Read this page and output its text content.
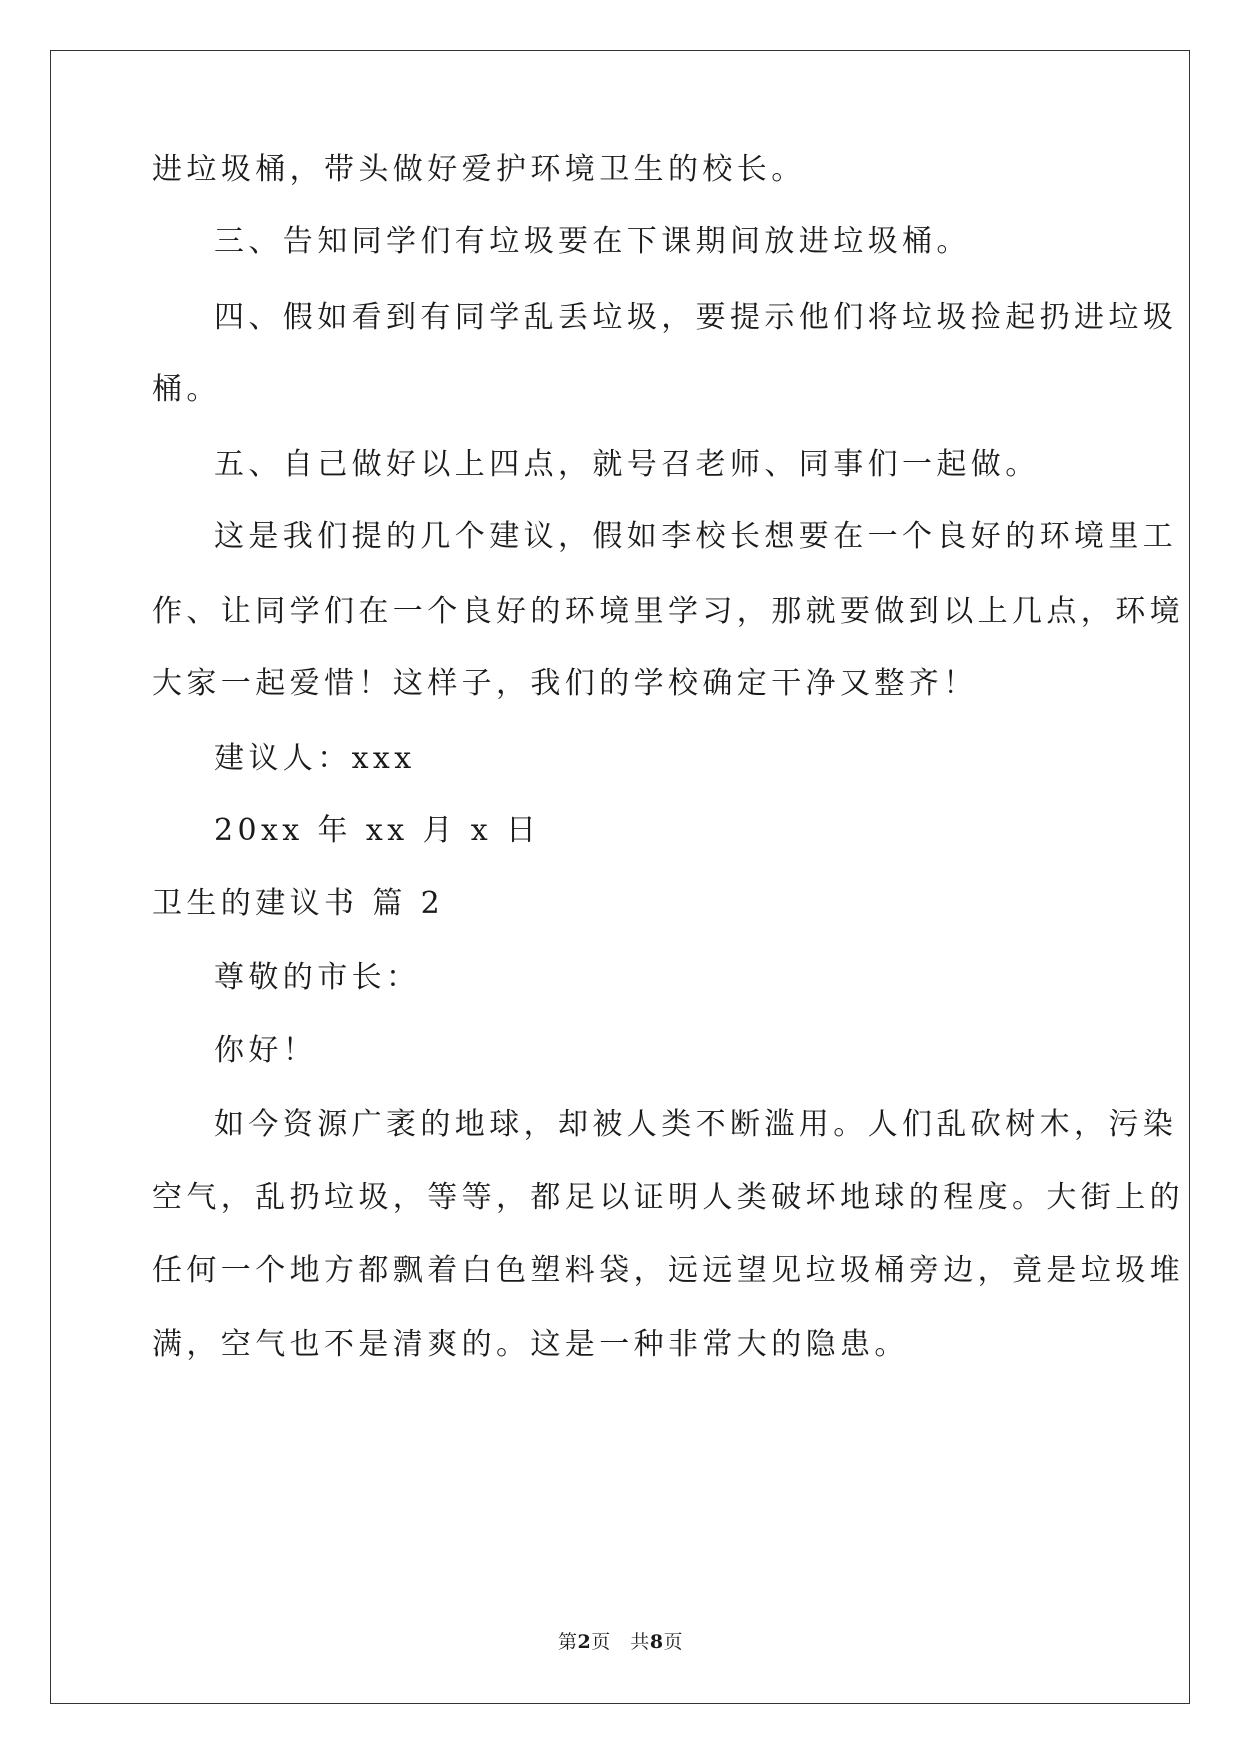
进垃圾桶，带头做好爱护环境卫生的校长。
三、告知同学们有垃圾要在下课期间放进垃圾桶。
四、假如看到有同学乱丢垃圾，要提示他们将垃圾捡起扔进垃圾
桶。
五、自己做好以上四点，就号召老师、同事们一起做。
这是我们提的几个建议，假如李校长想要在一个良好的环境里工
作、让同学们在一个良好的环境里学习，那就要做到以上几点，环境
大家一起爱惜！这样子，我们的学校确定干净又整齐！
建议人：xxx
20xx 年 xx 月 x 日
卫生的建议书 篇 2
尊敬的市长：
你好！
如今资源广袤的地球，却被人类不断滥用。人们乱砍树木，污染
空气，乱扔垃圾，等等，都足以证明人类破坏地球的程度。大街上的
任何一个地方都飘着白色塑料袋，远远望见垃圾桶旁边，竟是垃圾堆
满，空气也不是清爽的。这是一种非常大的隐患。
第2页   共8页
